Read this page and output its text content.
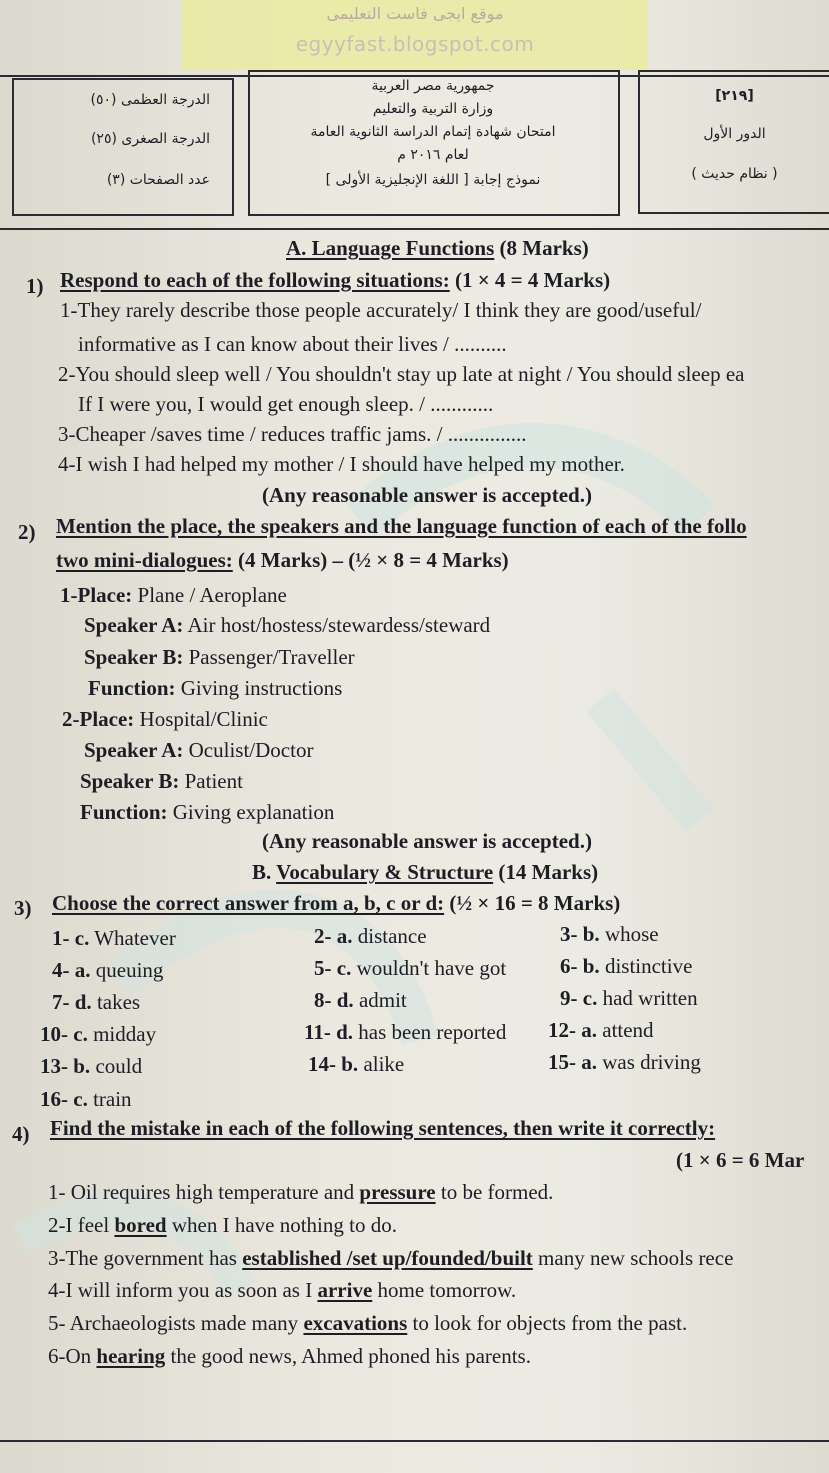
موقع ايجى فاست التعليمى
egyyfast.blogspot.com
الدرجة العظمى (٥٠)
الدرجة الصغرى (٢٥)
عدد الصفحات (٣)
جمهورية مصر العربية
وزارة التربية والتعليم
امتحان شهادة إتمام الدراسة الثانوية العامة
لعام ٢٠١٦ م
نموذج إجابة [ اللغة الإنجليزية الأولى ]
[٢١٩]
الدور الأول
( نظام حديث )
A. Language Functions (8 Marks)
1) Respond to each of the following situations: (1 × 4 = 4 Marks)
1-They rarely describe those people accurately/ I think they are good/useful/
informative as I can know about their lives / ..........
2-You should sleep well / You shouldn't stay up late at night / You should sleep ea
If I were you, I would get enough sleep. / ............
3-Cheaper /saves time / reduces traffic jams. / ...............
4-I wish I had helped my mother / I should have helped my mother.
(Any reasonable answer is accepted.)
2) Mention the place, the speakers and the language function of each of the follo
two mini-dialogues: (4 Marks) – (½ × 8 = 4 Marks)
1-Place: Plane / Aeroplane
Speaker A: Air host/hostess/stewardess/steward
Speaker B: Passenger/Traveller
Function: Giving instructions
2-Place: Hospital/Clinic
Speaker A: Oculist/Doctor
Speaker B: Patient
Function: Giving explanation
(Any reasonable answer is accepted.)
B. Vocabulary & Structure (14 Marks)
3) Choose the correct answer from a, b, c or d: (½ × 16 = 8 Marks)
1- c. Whatever	2- a. distance	3- b. whose
4- a. queuing	5- c. wouldn't have got	6- b. distinctive
7- d. takes	8- d. admit	9- c. had written
10- c. midday	11- d. has been reported 12- a. attend
13- b. could	14- b. alike	15- a. was driving
16- c. train
4) Find the mistake in each of the following sentences, then write it correctly:
(1 × 6 = 6 Mar
1- Oil requires high temperature and pressure to be formed.
2-I feel bored when I have nothing to do.
3-The government has established /set up/founded/built many new schools rece
4-I will inform you as soon as I arrive home tomorrow.
5- Archaeologists made many excavations to look for objects from the past.
6-On hearing the good news, Ahmed phoned his parents.
